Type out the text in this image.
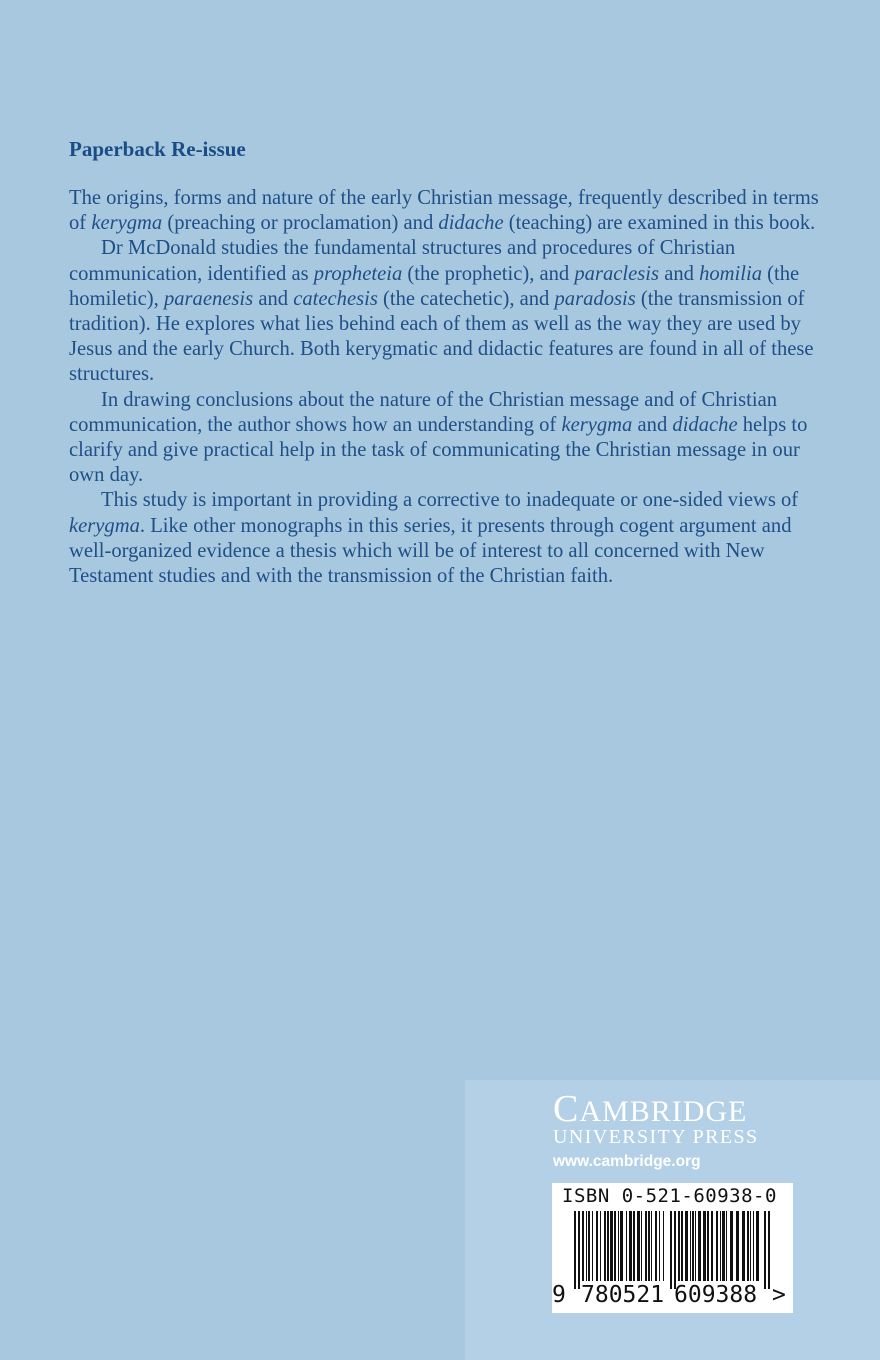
Paperback Re-issue

The origins, forms and nature of the early Christian message, frequently described in terms of kerygma (preaching or proclamation) and didache (teaching) are examined in this book.

Dr McDonald studies the fundamental structures and procedures of Christian communication, identified as propheteia (the prophetic), and paraclesis and homilia (the homiletic), paraenesis and catechesis (the catechetic), and paradosis (the transmission of tradition). He explores what lies behind each of them as well as the way they are used by Jesus and the early Church. Both kerygmatic and didactic features are found in all of these structures.

In drawing conclusions about the nature of the Christian message and of Christian communication, the author shows how an understanding of kerygma and didache helps to clarify and give practical help in the task of communicating the Christian message in our own day.

This study is important in providing a corrective to inadequate or one-sided views of kerygma. Like other monographs in this series, it presents through cogent argument and well-organized evidence a thesis which will be of interest to all concerned with New Testament studies and with the transmission of the Christian faith.

CAMBRIDGE
UNIVERSITY PRESS
www.cambridge.org
ISBN 0-521-60938-0
9 780521 609388 >
